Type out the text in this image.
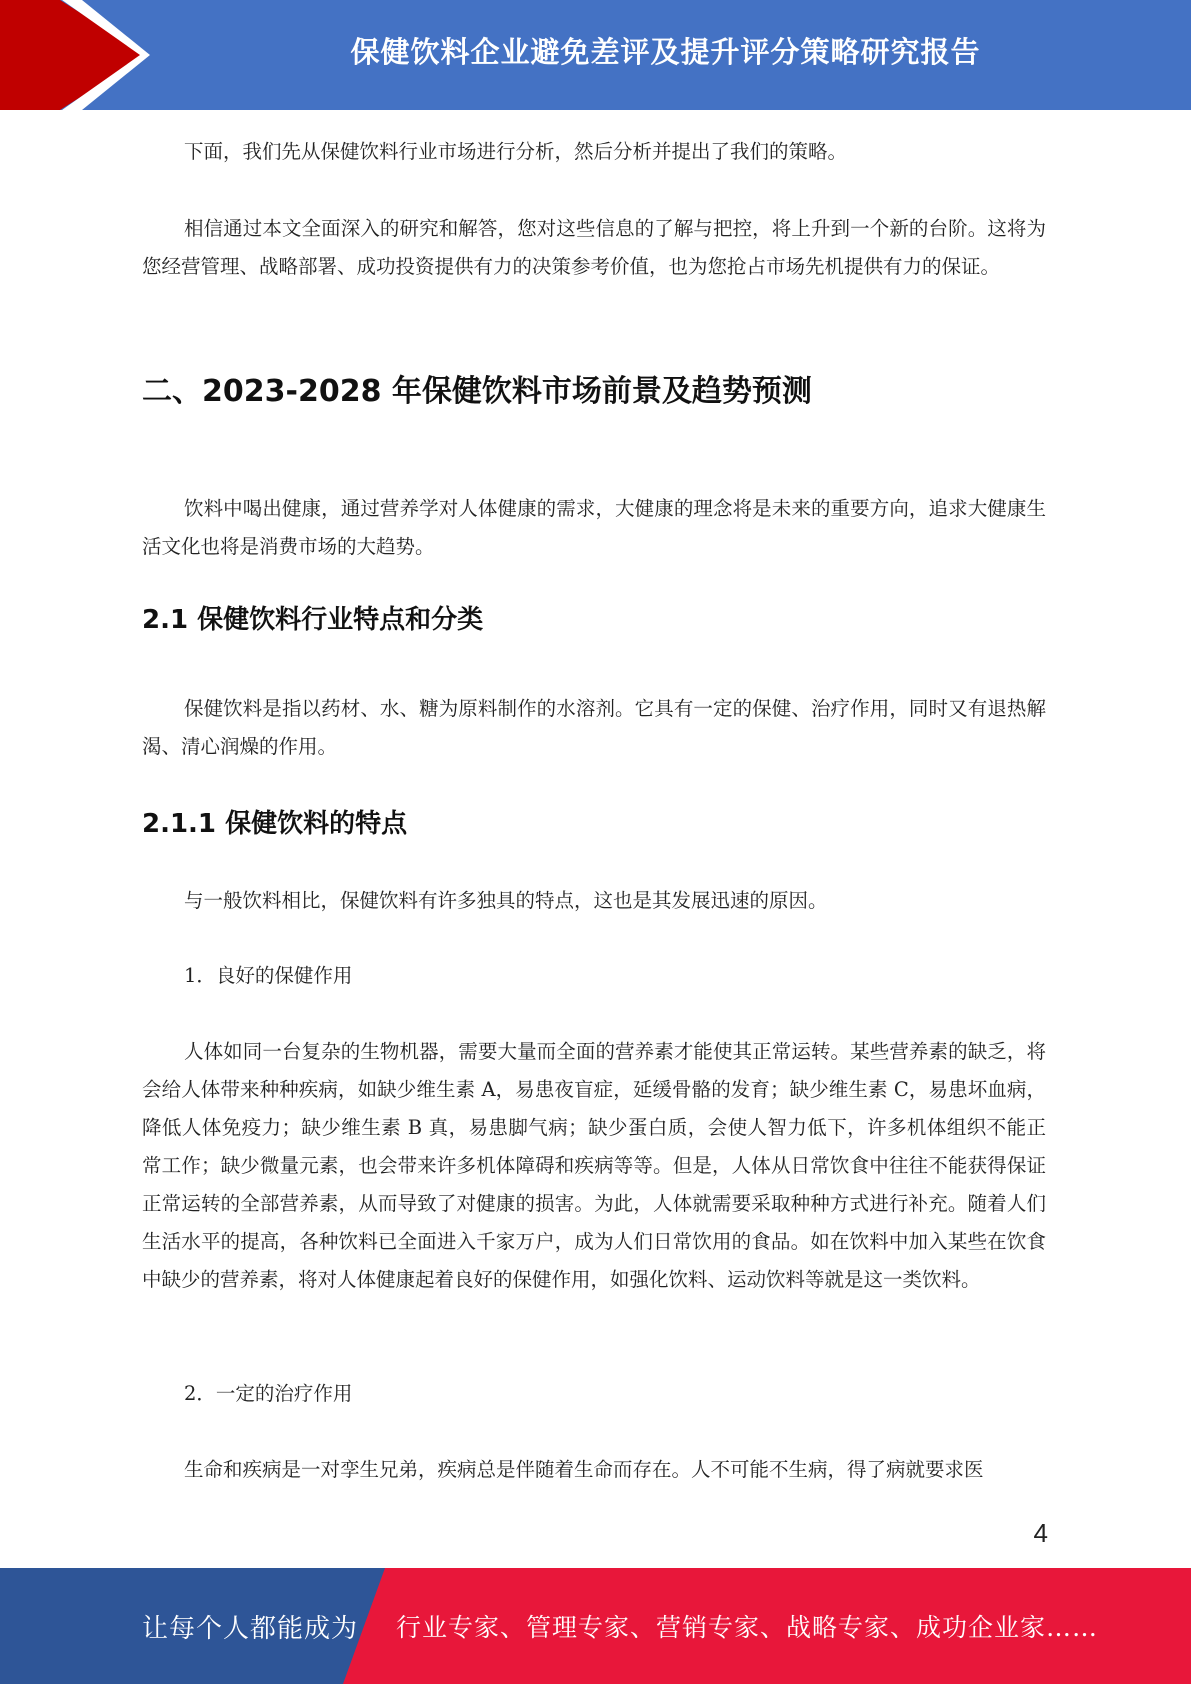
保健饮料企业避免差评及提升评分策略研究报告

下面，我们先从保健饮料行业市场进行分析，然后分析并提出了我们的策略。

相信通过本文全面深入的研究和解答，您对这些信息的了解与把控，将上升到一个新的台阶。这将为您经营管理、战略部署、成功投资提供有力的决策参考价值，也为您抢占市场先机提供有力的保证。

二、2023-2028 年保健饮料市场前景及趋势预测

饮料中喝出健康，通过营养学对人体健康的需求，大健康的理念将是未来的重要方向，追求大健康生活文化也将是消费市场的大趋势。

2.1 保健饮料行业特点和分类

保健饮料是指以药材、水、糖为原料制作的水溶剂。它具有一定的保健、治疗作用，同时又有退热解渴、清心润燥的作用。

2.1.1 保健饮料的特点

与一般饮料相比，保健饮料有许多独具的特点，这也是其发展迅速的原因。

1．良好的保健作用

人体如同一台复杂的生物机器，需要大量而全面的营养素才能使其正常运转。某些营养素的缺乏，将会给人体带来种种疾病，如缺少维生素 A，易患夜盲症，延缓骨骼的发育；缺少维生素 C，易患坏血病，降低人体免疫力；缺少维生素 B 真，易患脚气病；缺少蛋白质，会使人智力低下，许多机体组织不能正常工作；缺少微量元素，也会带来许多机体障碍和疾病等等。但是，人体从日常饮食中往往不能获得保证正常运转的全部营养素，从而导致了对健康的损害。为此，人体就需要采取种种方式进行补充。随着人们生活水平的提高，各种饮料已全面进入千家万户，成为人们日常饮用的食品。如在饮料中加入某些在饮食中缺少的营养素，将对人体健康起着良好的保健作用，如强化饮料、运动饮料等就是这一类饮料。

2．一定的治疗作用

生命和疾病是一对孪生兄弟，疾病总是伴随着生命而存在。人不可能不生病，得了病就要求医

4
让每个人都能成为 行业专家、管理专家、营销专家、战略专家、成功企业家……
